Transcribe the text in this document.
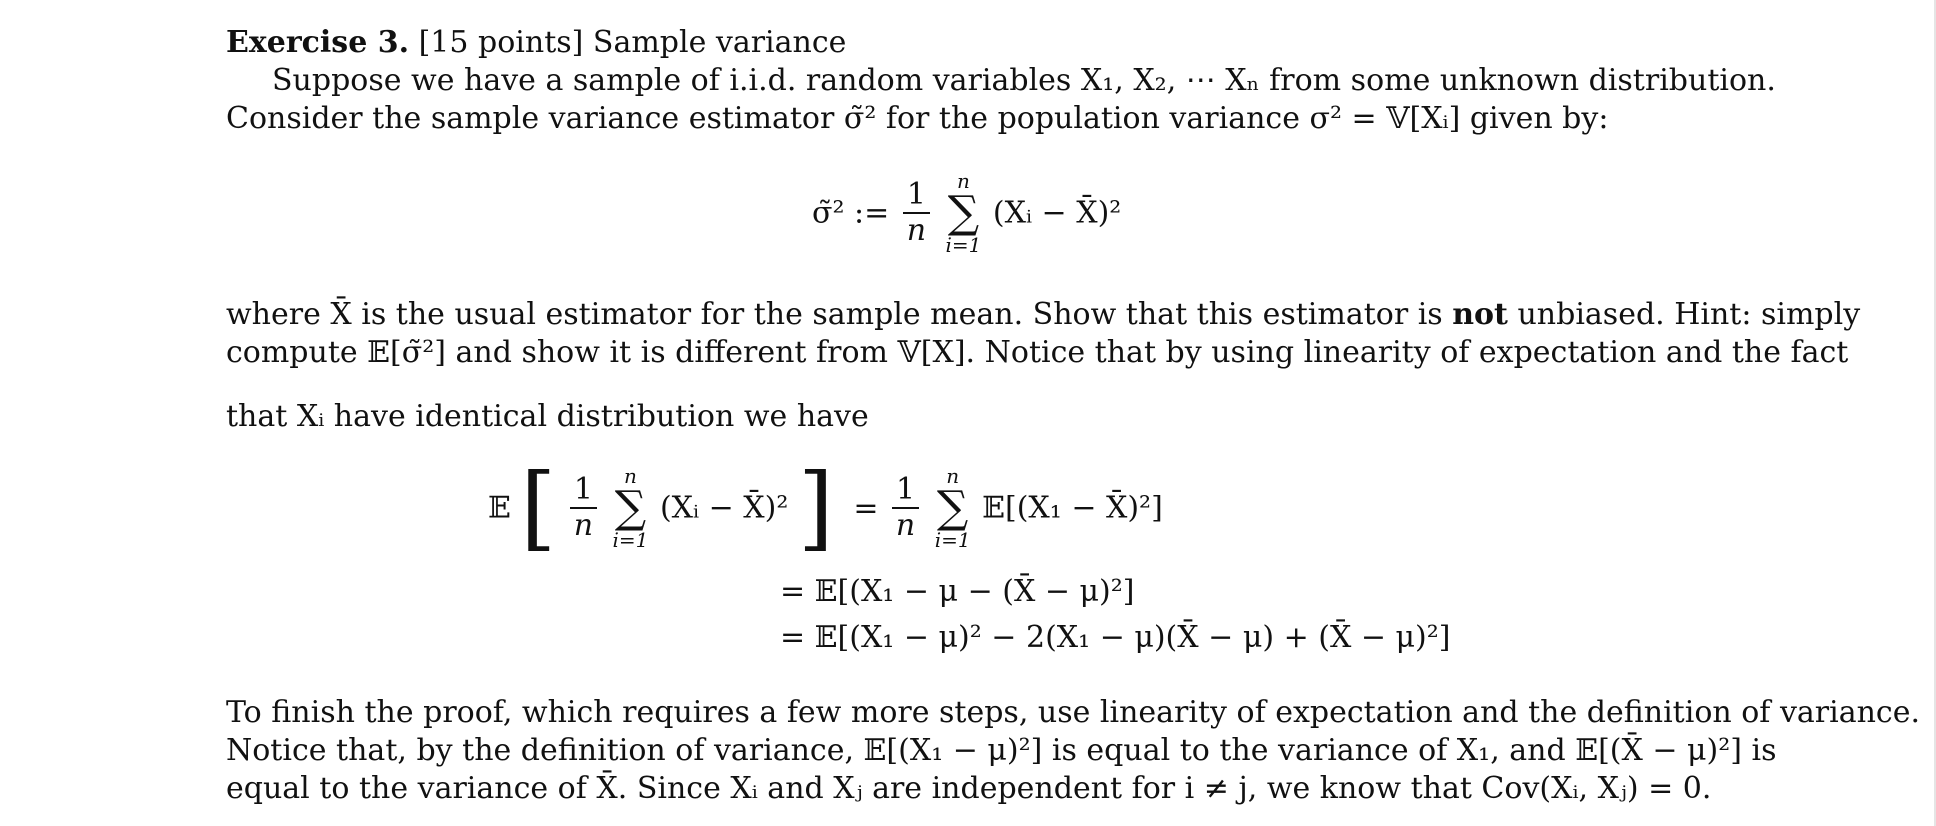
Exercise 3. [15 points] Sample variance
Suppose we have a sample of i.i.d. random variables X₁, X₂, ⋯ Xₙ from some unknown distribution.
Consider the sample variance estimator σ̃² for the population variance σ² = 𝕍[Xᵢ] given by:
σ̃² := $\frac{1}{n}$
	n
∑
i=1
(Xᵢ − X̄)²
where X̄ is the usual estimator for the sample mean. Show that this estimator is not unbiased. Hint: simply
compute 𝔼[σ̃²] and show it is different from 𝕍[X]. Notice that by using linearity of expectation and the fact
that Xᵢ have identical distribution we have
𝔼 [ $\frac{1}{n}$
	n
∑
i=1
(Xᵢ − X̄)² ] = $\frac{1}{n}$
	n
∑
i=1
𝔼[(X₁ − X̄)²]
= 𝔼[(X₁ − μ − (X̄ − μ)²]
= 𝔼[(X₁ − μ)² − 2(X₁ − μ)(X̄ − μ) + (X̄ − μ)²]
To finish the proof, which requires a few more steps, use linearity of expectation and the definition of variance.
Notice that, by the definition of variance, 𝔼[(X₁ − μ)²] is equal to the variance of X₁, and 𝔼[(X̄ − μ)²] is
equal to the variance of X̄. Since Xᵢ and Xⱼ are independent for i ≠ j, we know that Cov(Xᵢ, Xⱼ) = 0.
